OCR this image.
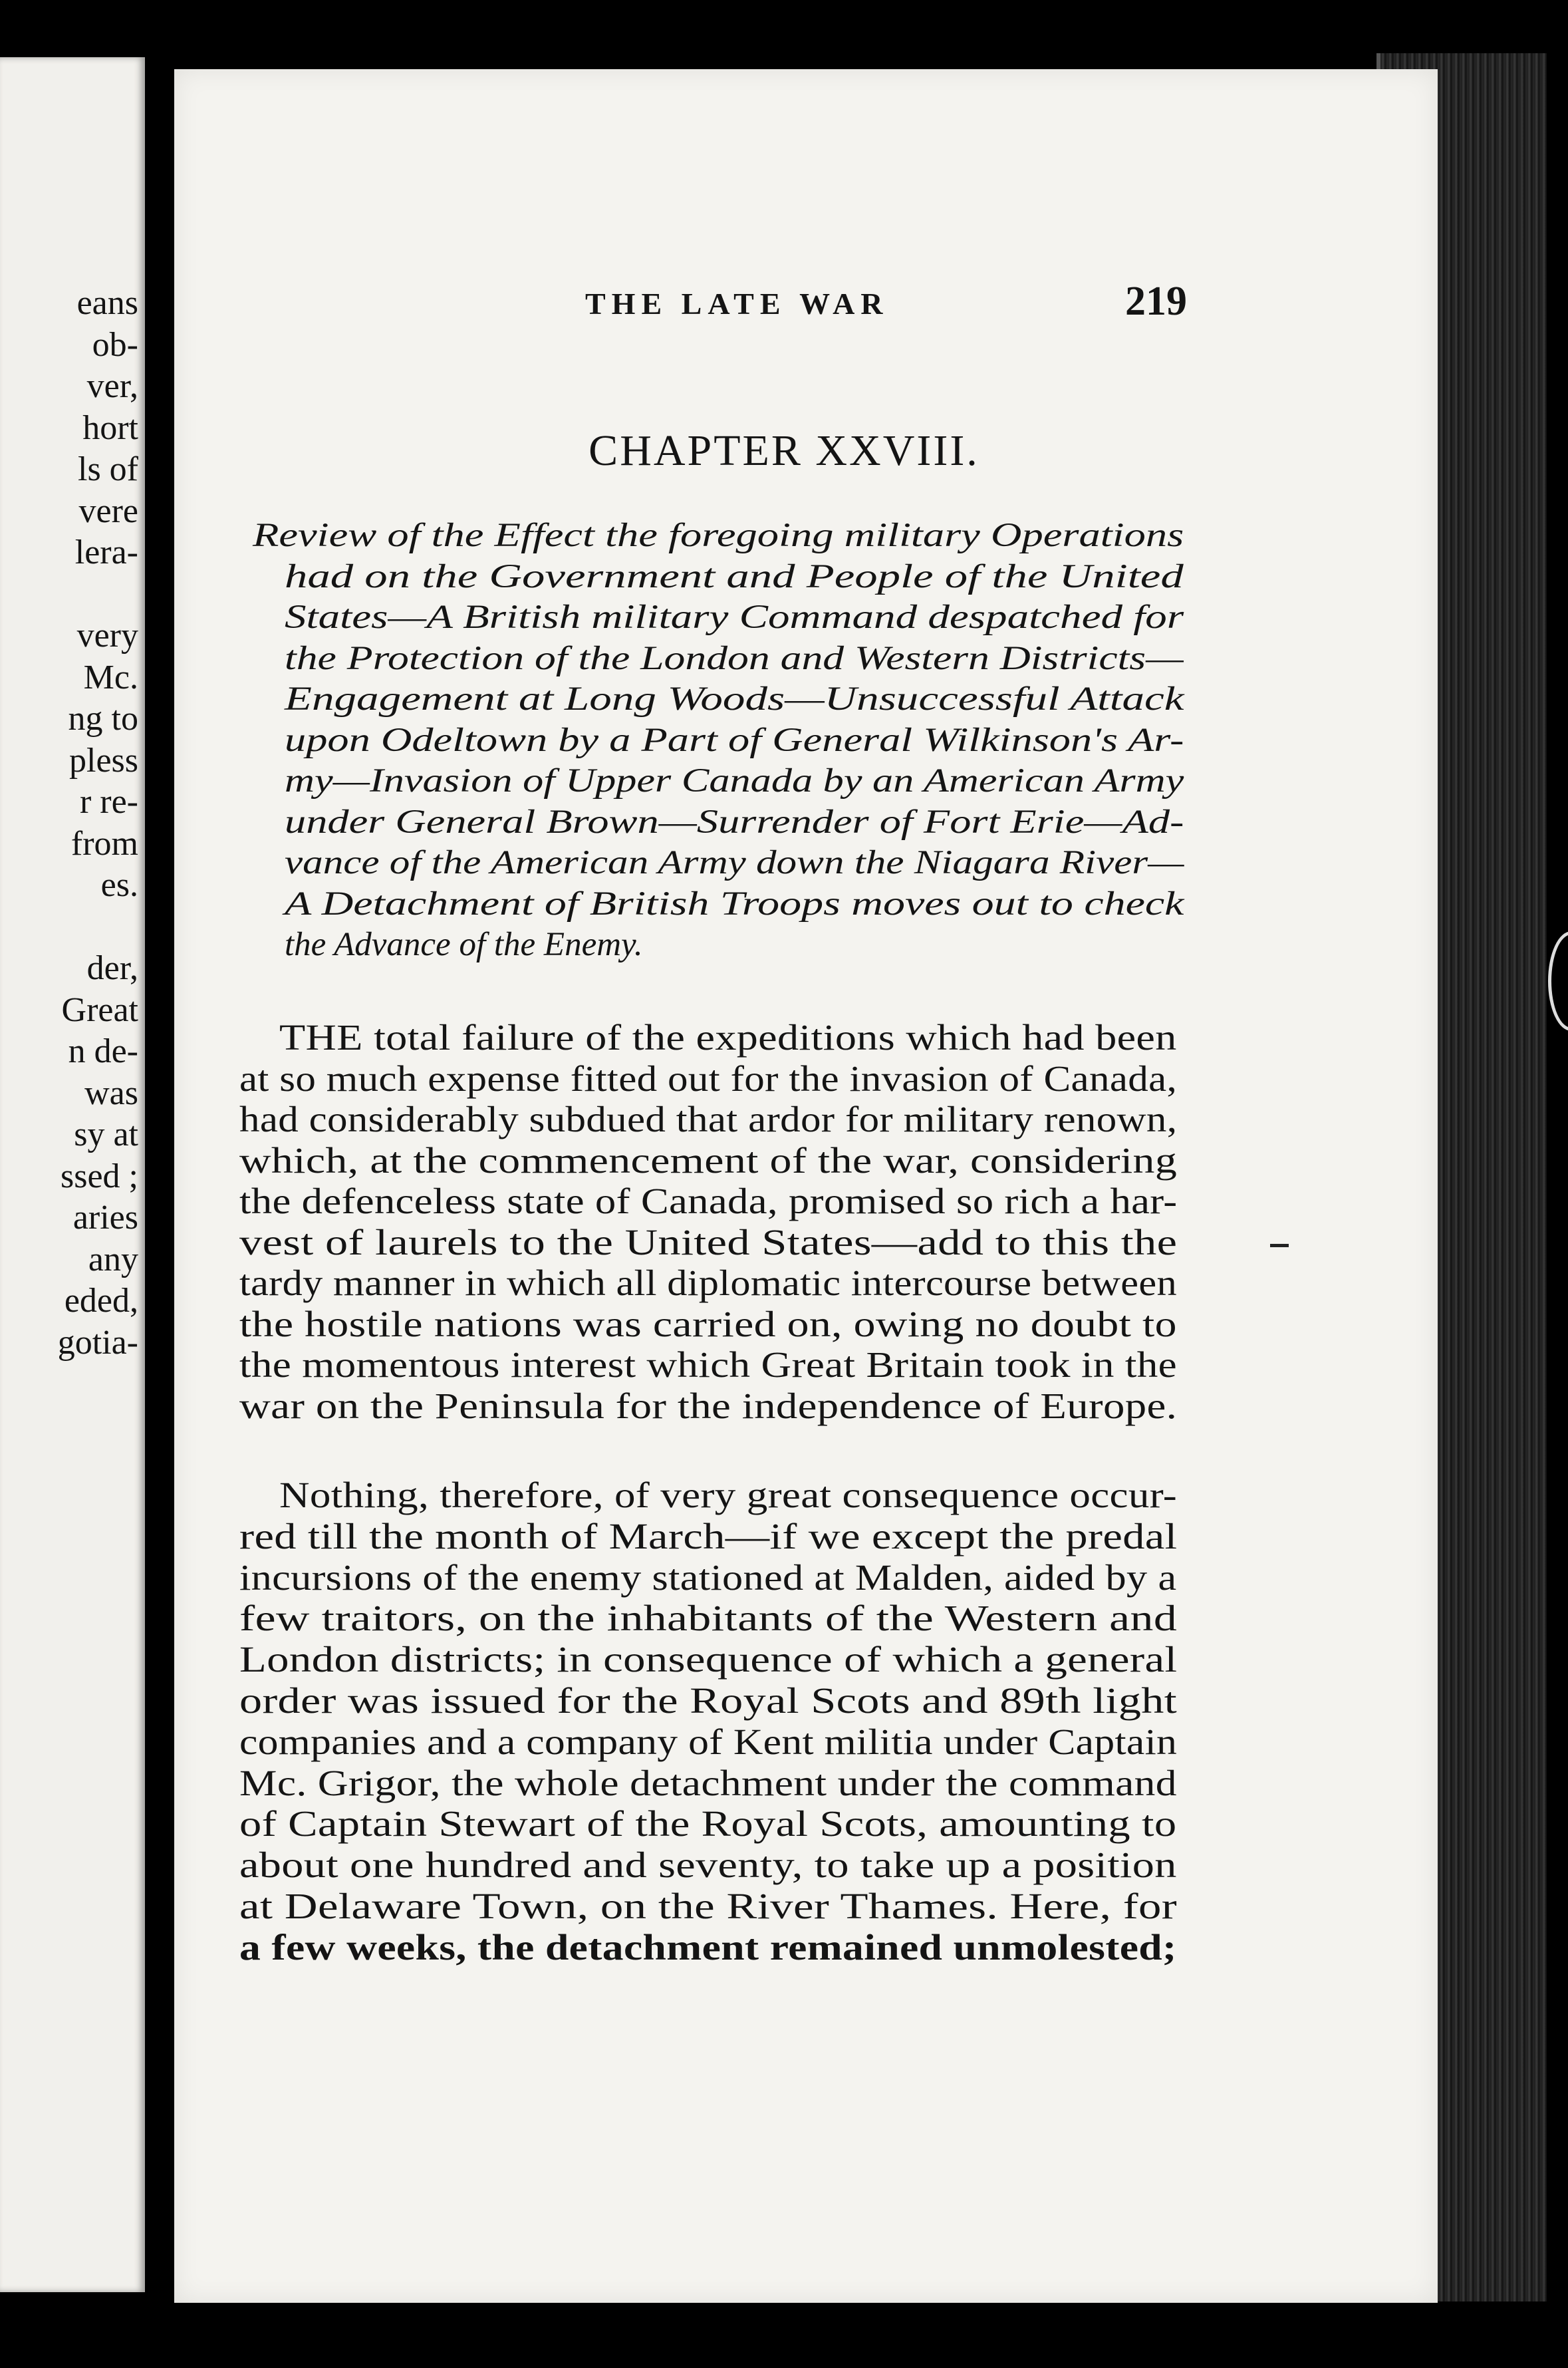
eans
ob-
ver,
hort
ls of
vere
lera-
very
Mc.
ng to
pless
r re-
from
es.
der,
Great
n de-
was
sy at
ssed ;
aries
any
eded,
gotia-
THE LATE WAR	219
CHAPTER XXVIII.
Review of the Effect the foregoing military Operations
had on the Government and People of the United
States—A British military Command despatched for
the Protection of the London and Western Districts—
Engagement at Long Woods—Unsuccessful Attack
upon Odeltown by a Part of General Wilkinson's Ar-
my—Invasion of Upper Canada by an American Army
under General Brown—Surrender of Fort Erie—Ad-
vance of the American Army down the Niagara River—
A Detachment of British Troops moves out to check
the Advance of the Enemy.
THE total failure of the expeditions which had been
at so much expense fitted out for the invasion of Canada,
had considerably subdued that ardor for military renown,
which, at the commencement of the war, considering
the defenceless state of Canada, promised so rich a har-
vest of laurels to the United States—add to this the
tardy manner in which all diplomatic intercourse between
the hostile nations was carried on, owing no doubt to
the momentous interest which Great Britain took in the
war on the Peninsula for the independence of Europe.
Nothing, therefore, of very great consequence occur-
red till the month of March—if we except the predal
incursions of the enemy stationed at Malden, aided by a
few traitors, on the inhabitants of the Western and
London districts; in consequence of which a general
order was issued for the Royal Scots and 89th light
companies and a company of Kent militia under Captain
Mc. Grigor, the whole detachment under the command
of Captain Stewart of the Royal Scots, amounting to
about one hundred and seventy, to take up a position
at Delaware Town, on the River Thames. Here, for
a few weeks, the detachment remained unmolested;
